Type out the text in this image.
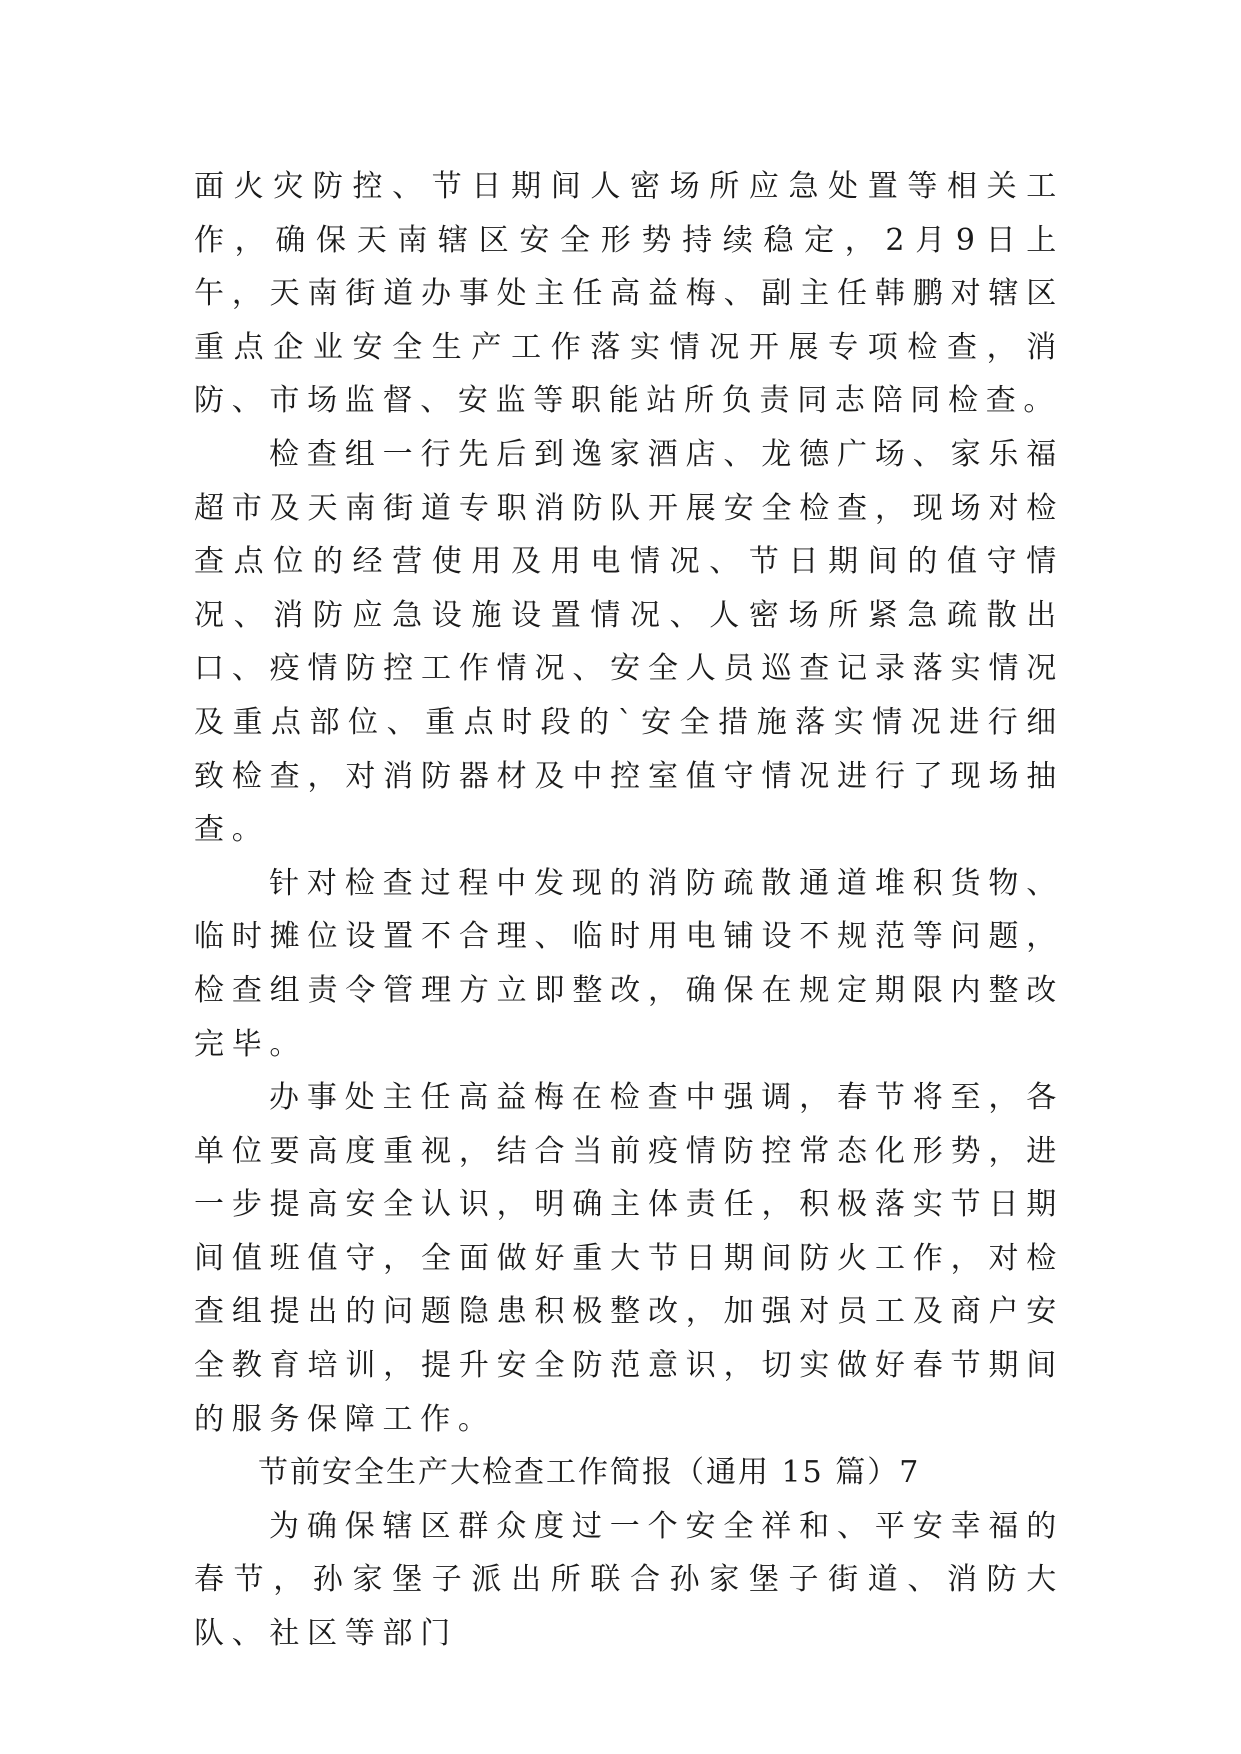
面火灾防控、节日期间人密场所应急处置等相关工作，确保天南辖区安全形势持续稳定，2月9日上午，天南街道办事处主任高益梅、副主任韩鹏对辖区重点企业安全生产工作落实情况开展专项检查，消防、市场监督、安监等职能站所负责同志陪同检查。

检查组一行先后到逸家酒店、龙德广场、家乐福超市及天南街道专职消防队开展安全检查，现场对检查点位的经营使用及用电情况、节日期间的值守情况、消防应急设施设置情况、人密场所紧急疏散出口、疫情防控工作情况、安全人员巡查记录落实情况及重点部位、重点时段的`安全措施落实情况进行细致检查，对消防器材及中控室值守情况进行了现场抽查。

针对检查过程中发现的消防疏散通道堆积货物、临时摊位设置不合理、临时用电铺设不规范等问题，检查组责令管理方立即整改，确保在规定期限内整改完毕。

办事处主任高益梅在检查中强调，春节将至，各单位要高度重视，结合当前疫情防控常态化形势，进一步提高安全认识，明确主体责任，积极落实节日期间值班值守，全面做好重大节日期间防火工作，对检查组提出的问题隐患积极整改，加强对员工及商户安全教育培训，提升安全防范意识，切实做好春节期间的服务保障工作。

节前安全生产大检查工作简报（通用 15 篇）7

为确保辖区群众度过一个安全祥和、平安幸福的春节，孙家堡子派出所联合孙家堡子街道、消防大队、社区等部门
